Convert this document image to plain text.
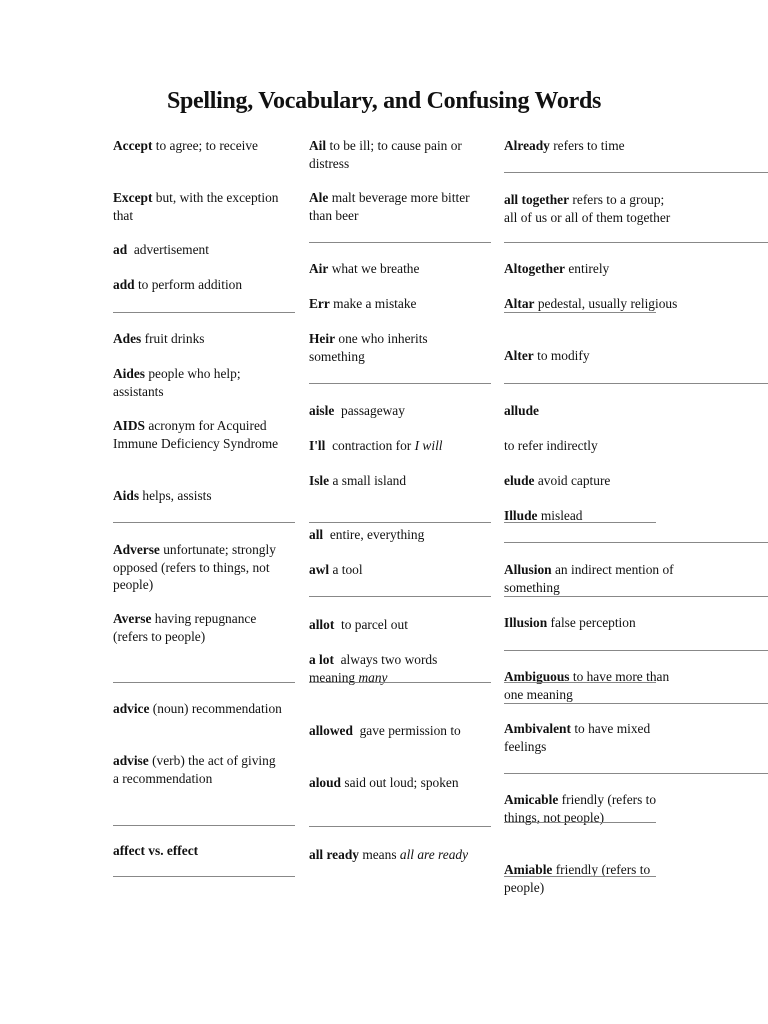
Spelling, Vocabulary, and Confusing Words

Accept to agree; to receive

Except but, with the exception that

ad  advertisement

add to perform addition

Ades fruit drinks

Aides people who help; assistants

AIDS acronym for Acquired Immune Deficiency Syndrome

Aids helps, assists

Adverse unfortunate; strongly opposed (refers to things, not people)

Averse having repugnance (refers to people)

advice (noun) recommendation

advise (verb) the act of giving a recommendation

affect vs. effect

Ail to be ill; to cause pain or distress

Ale malt beverage more bitter than beer

Air what we breathe

Err make a mistake

Heir one who inherits something

aisle  passageway

I'll  contraction for I will

Isle a small island

all  entire, everything

awl a tool

allot  to parcel out

a lot  always two words meaning many

allowed  gave permission to

aloud said out loud; spoken

all ready means all are ready

Already refers to time

all together refers to a group; all of us or all of them together

Altogether entirely

Altar pedestal, usually religious

Alter to modify

allude

to refer indirectly

elude avoid capture

Illude mislead

Allusion an indirect mention of something

Illusion false perception

Ambiguous to have more than one meaning

Ambivalent to have mixed feelings

Amicable friendly (refers to things, not people)

Amiable friendly (refers to people)
